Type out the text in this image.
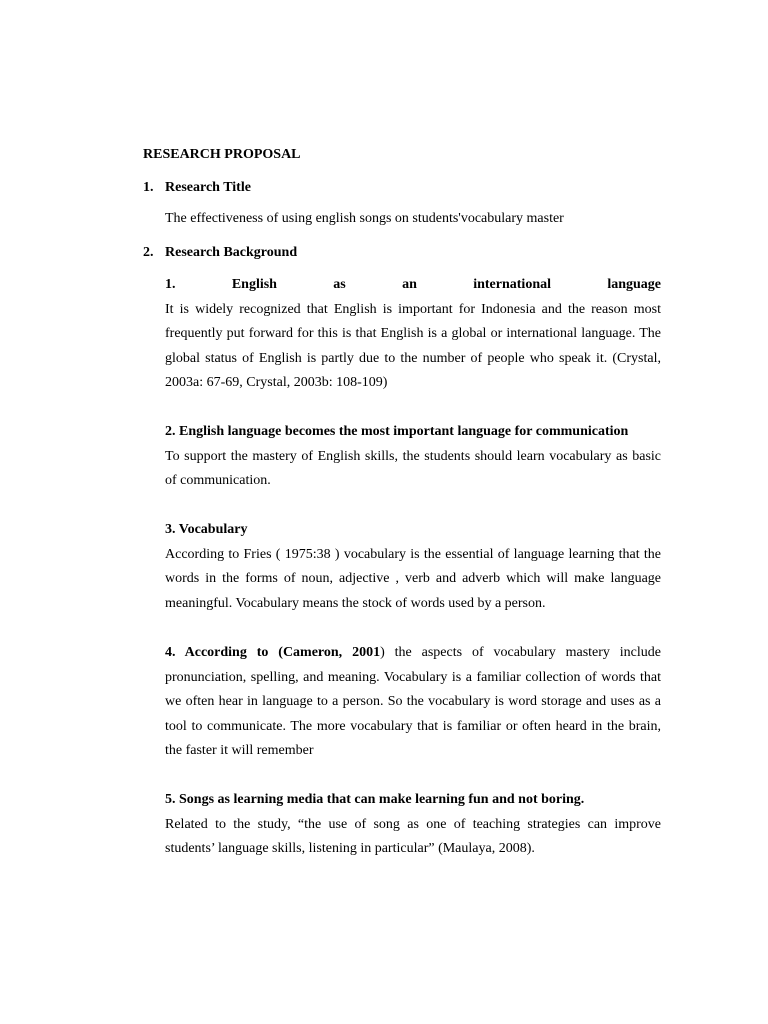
RESEARCH PROPOSAL
1. Research Title
The effectiveness of using english songs on students'vocabulary master
2. Research Background
1. English as an international language
It is widely recognized that English is important for Indonesia and the reason most frequently put forward for this is that English is a global or international language. The global status of English is partly due to the number of people who speak it. (Crystal, 2003a: 67-69, Crystal, 2003b: 108-109)
2. English language becomes the most important language for communication
To support the mastery of English skills, the students should learn vocabulary as basic of communication.
3. Vocabulary
According to Fries ( 1975:38 ) vocabulary is the essential of language learning that the words in the forms of noun, adjective , verb and adverb which will make language meaningful. Vocabulary means the stock of words used by a person.
4. According to (Cameron, 2001) the aspects of vocabulary mastery include pronunciation, spelling, and meaning. Vocabulary is a familiar collection of words that we often hear in language to a person. So the vocabulary is word storage and uses as a tool to communicate. The more vocabulary that is familiar or often heard in the brain, the faster it will remember
5. Songs as learning media that can make learning fun and not boring.
Related to the study, “the use of song as one of teaching strategies can improve students’ language skills, listening in particular” (Maulaya, 2008).
